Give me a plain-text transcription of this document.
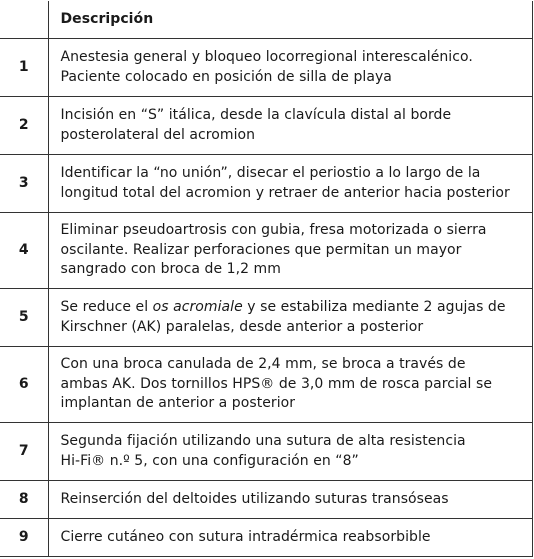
	Descripción
1	Anestesia general y bloqueo locorregional interescalénico.
Paciente colocado en posición de silla de playa
2	Incisión en “S” itálica, desde la clavícula distal al borde
posterolateral del acromion
3	Identificar la “no unión”, disecar el periostio a lo largo de la
longitud total del acromion y retraer de anterior hacia posterior
4	Eliminar pseudoartrosis con gubia, fresa motorizada o sierra
oscilante. Realizar perforaciones que permitan un mayor
sangrado con broca de 1,2 mm
5	Se reduce el os acromiale y se estabiliza mediante 2 agujas de
Kirschner (AK) paralelas, desde anterior a posterior
6	Con una broca canulada de 2,4 mm, se broca a través de
ambas AK. Dos tornillos HPS® de 3,0 mm de rosca parcial se
implantan de anterior a posterior
7	Segunda fijación utilizando una sutura de alta resistencia
Hi-Fi® n.º 5, con una configuración en “8”
8	Reinserción del deltoides utilizando suturas transóseas
9	Cierre cutáneo con sutura intradérmica reabsorbible
